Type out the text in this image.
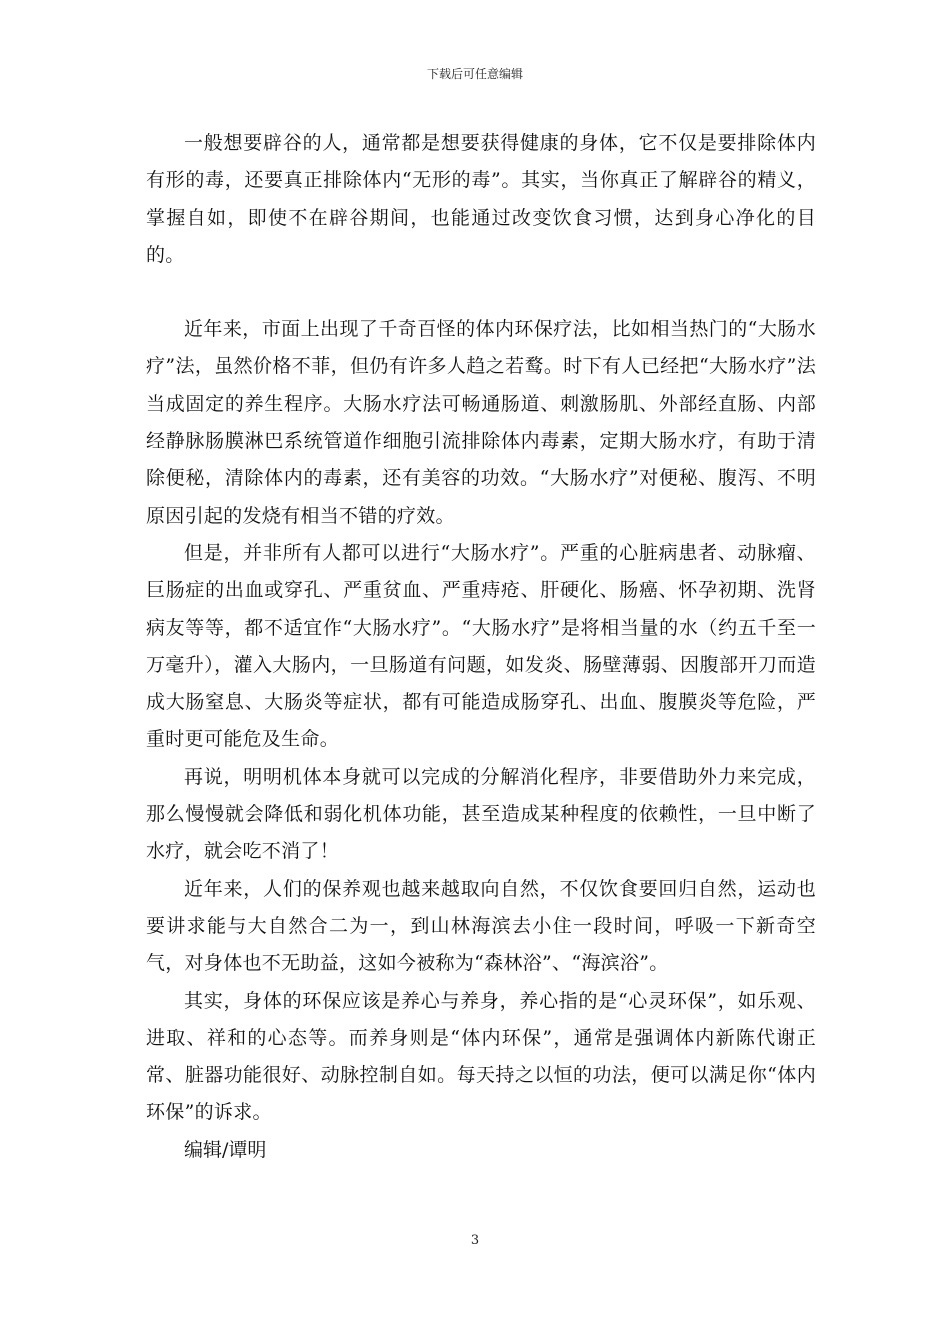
下载后可任意编辑

一般想要辟谷的人，通常都是想要获得健康的身体，它不仅是要排除体内有形的毒，还要真正排除体内“无形的毒”。其实，当你真正了解辟谷的精义，掌握自如，即使不在辟谷期间，也能通过改变饮食习惯，达到身心净化的目的。

近年来，市面上出现了千奇百怪的体内环保疗法，比如相当热门的“大肠水疗”法，虽然价格不菲，但仍有许多人趋之若鹜。时下有人已经把“大肠水疗”法当成固定的养生程序。大肠水疗法可畅通肠道、刺激肠肌、外部经直肠、内部经静脉肠膜淋巴系统管道作细胞引流排除体内毒素，定期大肠水疗，有助于清除便秘，清除体内的毒素，还有美容的功效。“大肠水疗”对便秘、腹泻、不明原因引起的发烧有相当不错的疗效。

但是，并非所有人都可以进行“大肠水疗”。严重的心脏病患者、动脉瘤、巨肠症的出血或穿孔、严重贫血、严重痔疮、肝硬化、肠癌、怀孕初期、洗肾病友等等，都不适宜作“大肠水疗”。“大肠水疗”是将相当量的水（约五千至一万毫升），灌入大肠内，一旦肠道有问题，如发炎、肠壁薄弱、因腹部开刀而造成大肠窒息、大肠炎等症状，都有可能造成肠穿孔、出血、腹膜炎等危险，严重时更可能危及生命。

再说，明明机体本身就可以完成的分解消化程序，非要借助外力来完成，那么慢慢就会降低和弱化机体功能，甚至造成某种程度的依赖性，一旦中断了水疗，就会吃不消了！

近年来，人们的保养观也越来越取向自然，不仅饮食要回归自然，运动也要讲求能与大自然合二为一，到山林海滨去小住一段时间，呼吸一下新奇空气，对身体也不无助益，这如今被称为“森林浴”、“海滨浴”。

其实，身体的环保应该是养心与养身，养心指的是“心灵环保”，如乐观、进取、祥和的心态等。而养身则是“体内环保”，通常是强调体内新陈代谢正常、脏器功能很好、动脉控制自如。每天持之以恒的功法，便可以满足你“体内环保”的诉求。

编辑/谭明

3
